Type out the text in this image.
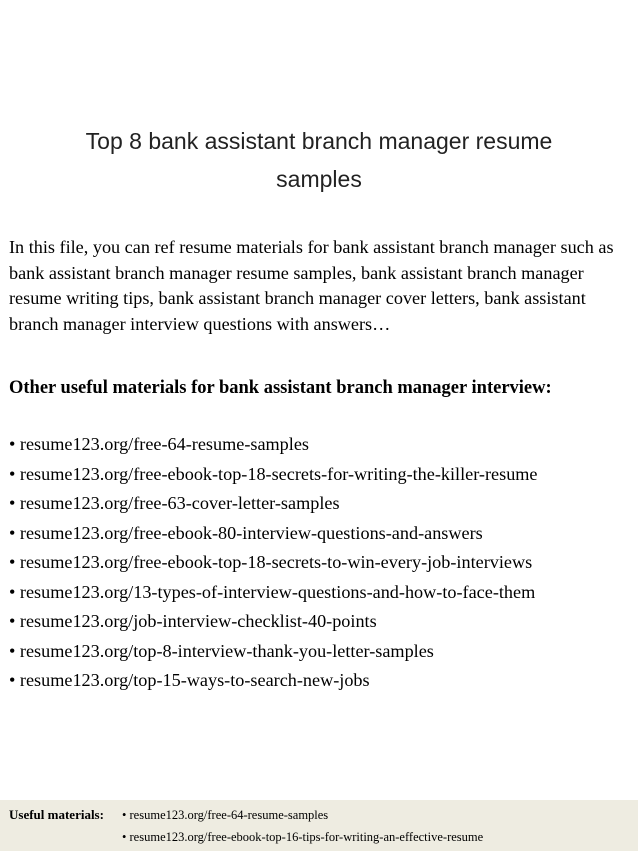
Top 8 bank assistant branch manager resume
samples
In this file, you can ref resume materials for bank assistant branch manager such as bank assistant branch manager resume samples, bank assistant branch manager resume writing tips, bank assistant branch manager cover letters, bank assistant branch manager interview questions with answers…
Other useful materials for bank assistant branch manager interview:
• resume123.org/free-64-resume-samples
• resume123.org/free-ebook-top-18-secrets-for-writing-the-killer-resume
• resume123.org/free-63-cover-letter-samples
• resume123.org/free-ebook-80-interview-questions-and-answers
• resume123.org/free-ebook-top-18-secrets-to-win-every-job-interviews
• resume123.org/13-types-of-interview-questions-and-how-to-face-them
• resume123.org/job-interview-checklist-40-points
• resume123.org/top-8-interview-thank-you-letter-samples
• resume123.org/top-15-ways-to-search-new-jobs
Useful materials: • resume123.org/free-64-resume-samples
• resume123.org/free-ebook-top-16-tips-for-writing-an-effective-resume
